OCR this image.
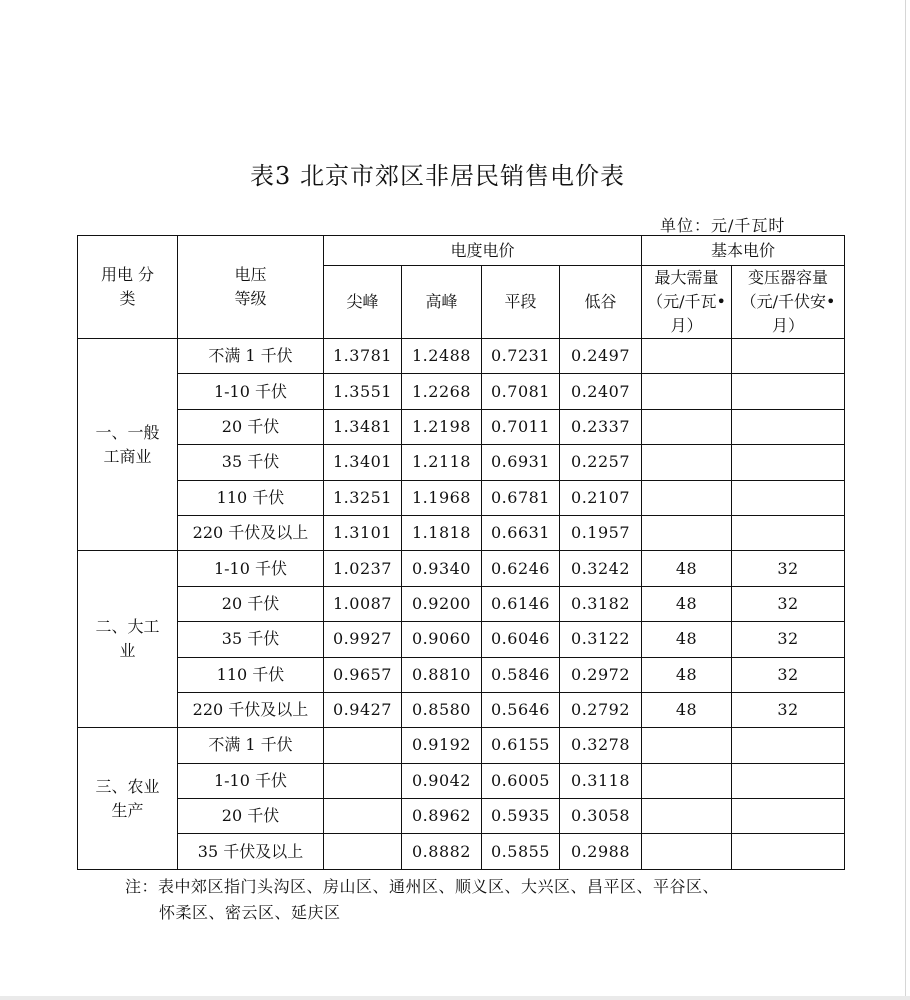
表3 北京市郊区非居民销售电价表
单位：元/千瓦时
用电 分类	电压 等级	电度电价				基本电价	
		尖峰	高峰	平段	低谷	最大需量（元/千瓦•月）	变压器容量（元/千伏安•月）
一、一般工商业	不满 1 千伏	1.3781	1.2488	0.7231	0.2497		
	1-10 千伏	1.3551	1.2268	0.7081	0.2407		
	20 千伏	1.3481	1.2198	0.7011	0.2337		
	35 千伏	1.3401	1.2118	0.6931	0.2257		
	110 千伏	1.3251	1.1968	0.6781	0.2107		
	220 千伏及以上	1.3101	1.1818	0.6631	0.1957		
二、大工业	1-10 千伏	1.0237	0.9340	0.6246	0.3242	48	32
	20 千伏	1.0087	0.9200	0.6146	0.3182	48	32
	35 千伏	0.9927	0.9060	0.6046	0.3122	48	32
	110 千伏	0.9657	0.8810	0.5846	0.2972	48	32
	220 千伏及以上	0.9427	0.8580	0.5646	0.2792	48	32
三、农业生产	不满 1 千伏		0.9192	0.6155	0.3278		
	1-10 千伏		0.9042	0.6005	0.3118		
	20 千伏		0.8962	0.5935	0.3058		
	35 千伏及以上		0.8882	0.5855	0.2988		
注：表中郊区指门头沟区、房山区、通州区、顺义区、大兴区、昌平区、平谷区、
怀柔区、密云区、延庆区
